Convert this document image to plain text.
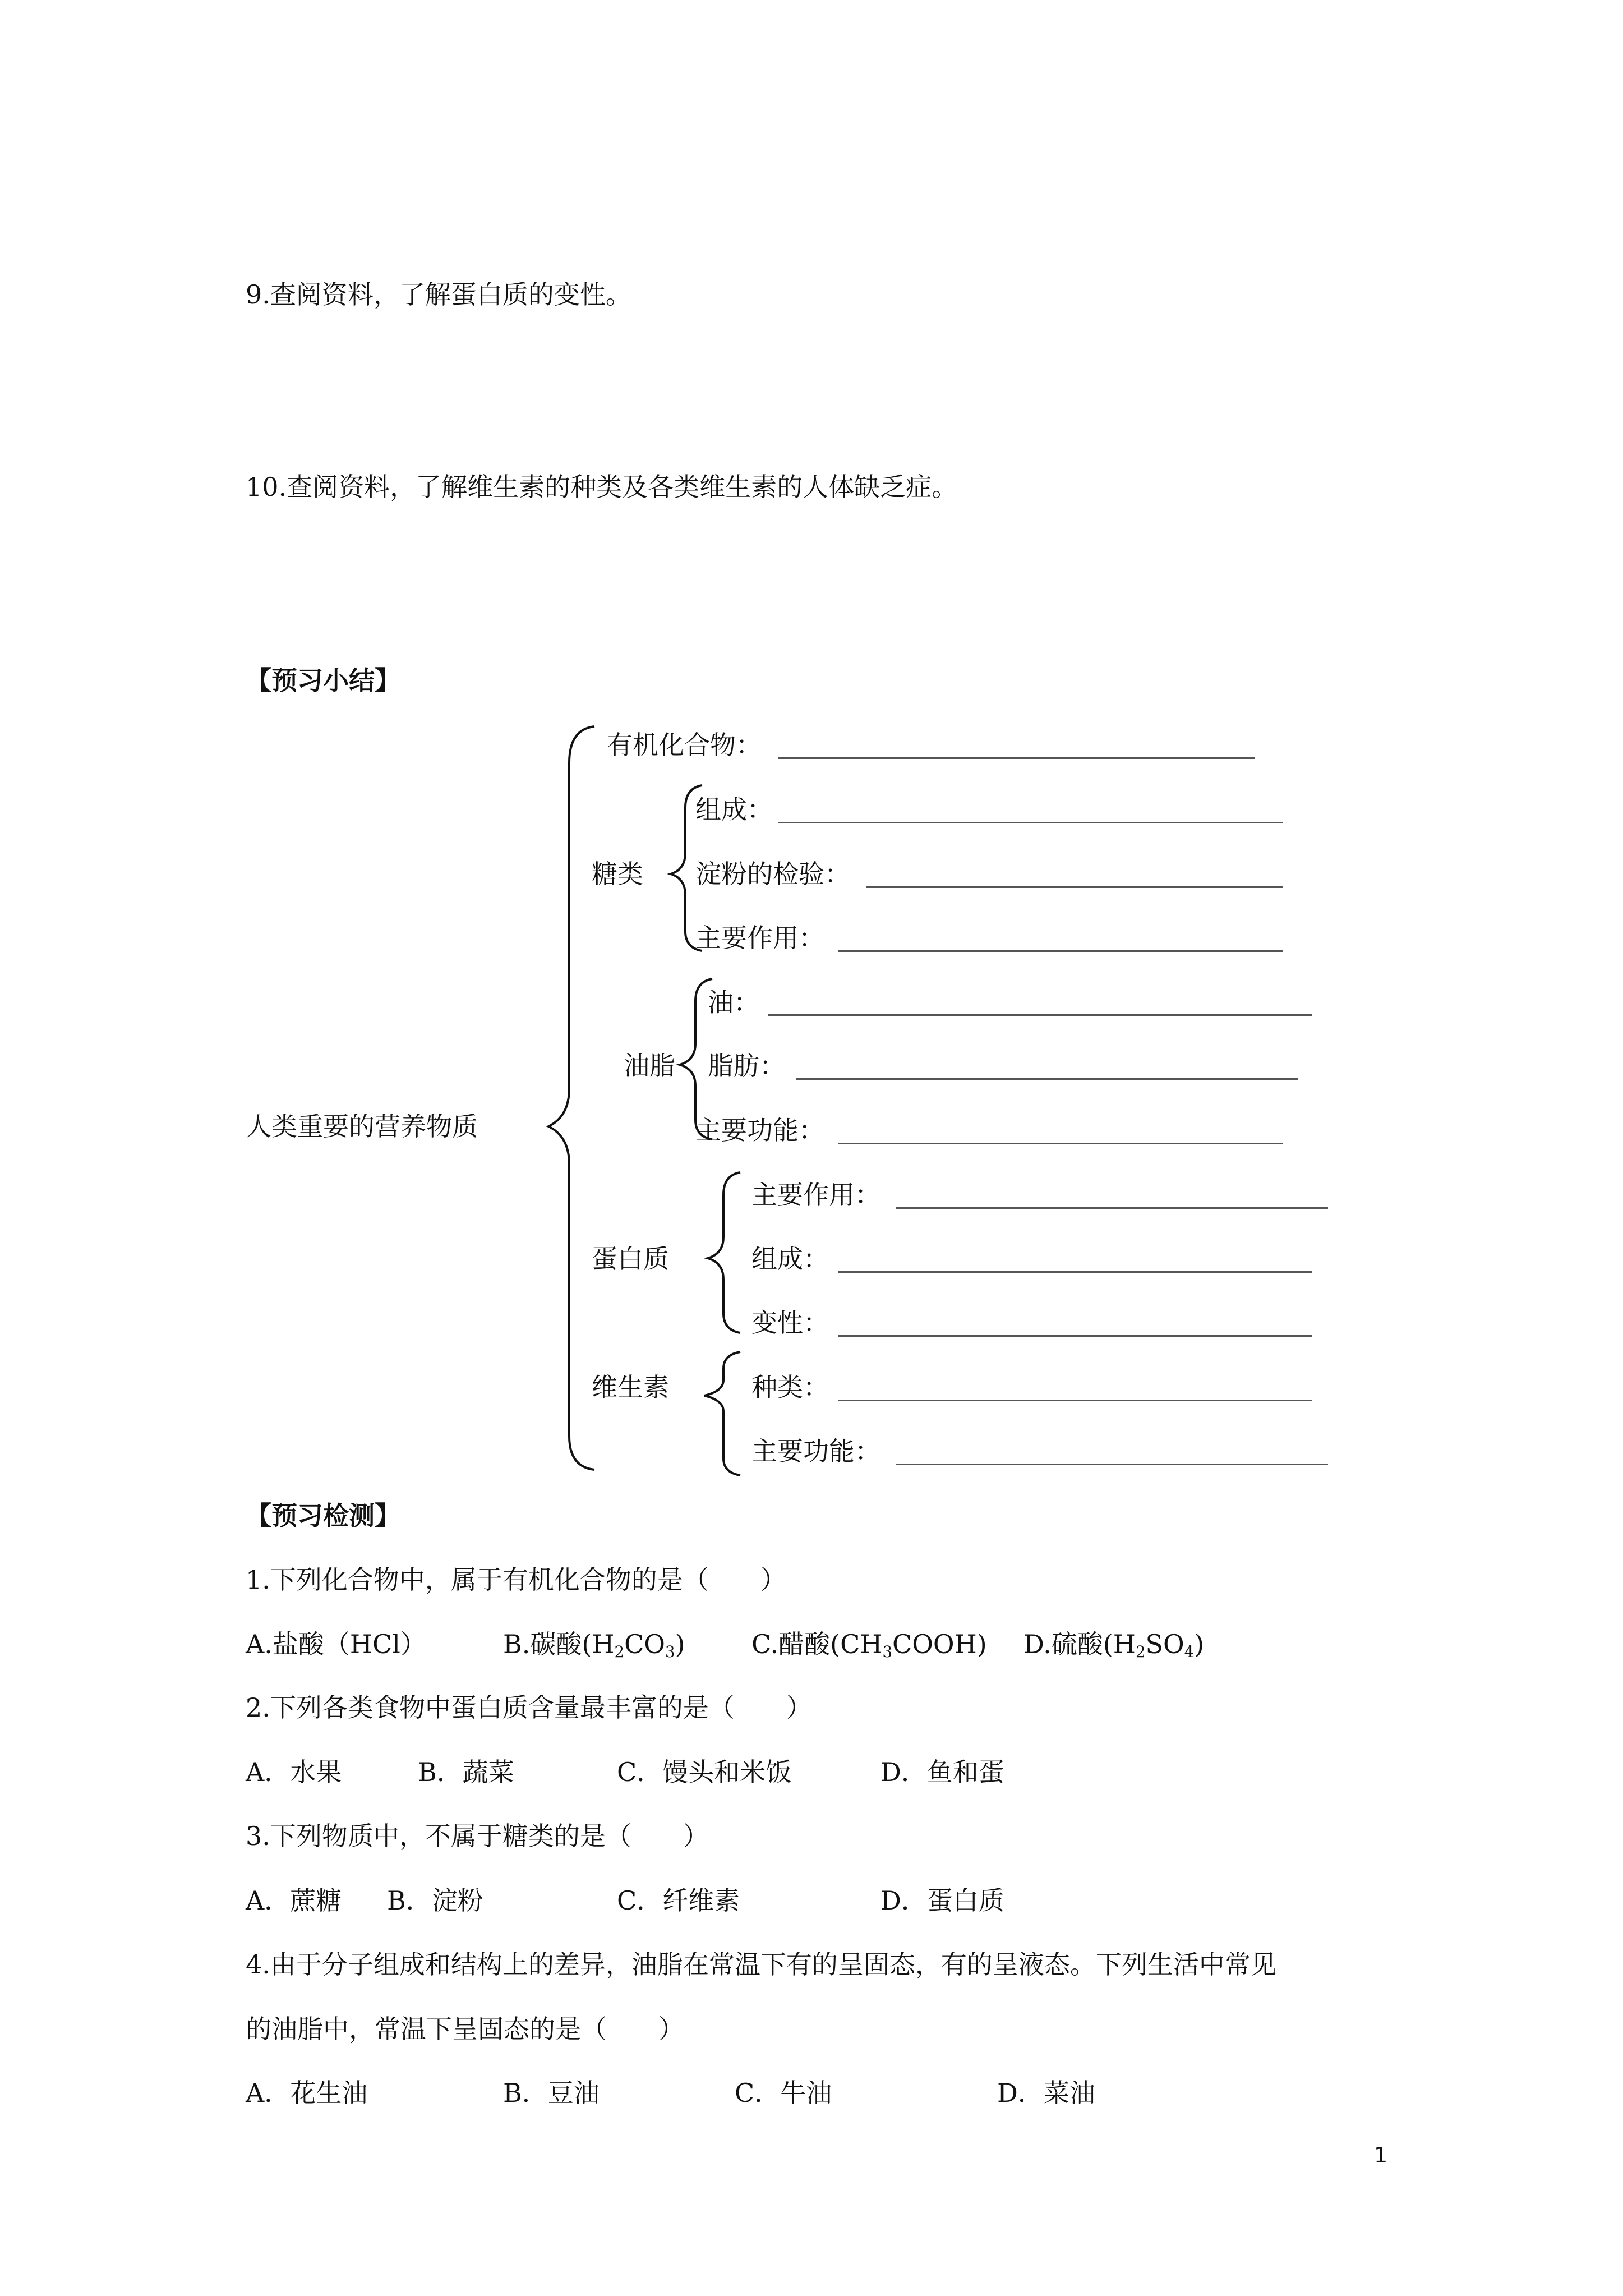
9.查阅资料，了解蛋白质的变性。
10.查阅资料，了解维生素的种类及各类维生素的人体缺乏症。
【预习小结】
人类重要的营养物质
有机化合物：
糖类
组成：
淀粉的检验：
主要作用：
油脂
油：
脂肪：
主要功能：
蛋白质
主要作用：
组成：
变性：
维生素	种类：
主要功能：
【预习检测】
1.下列化合物中，属于有机化合物的是（　　）
A.盐酸（HCl）	B.碳酸$(H_2CO_3)$	C.醋酸$(CH_3COOH)$ D.硫酸$(H_2SO_4)$
2.下列各类食物中蛋白质含量最丰富的是（　　）
A．水果	B．蔬菜	C．馒头和米饭	D．鱼和蛋
3.下列物质中，不属于糖类的是（　　）
A．蔗糖 B．淀粉	C．纤维素	D．蛋白质
4.由于分子组成和结构上的差异，油脂在常温下有的呈固态，有的呈液态。下列生活中常见
的油脂中，常温下呈固态的是（　　）
A．花生油	B．豆油	C．牛油	D．菜油
1
